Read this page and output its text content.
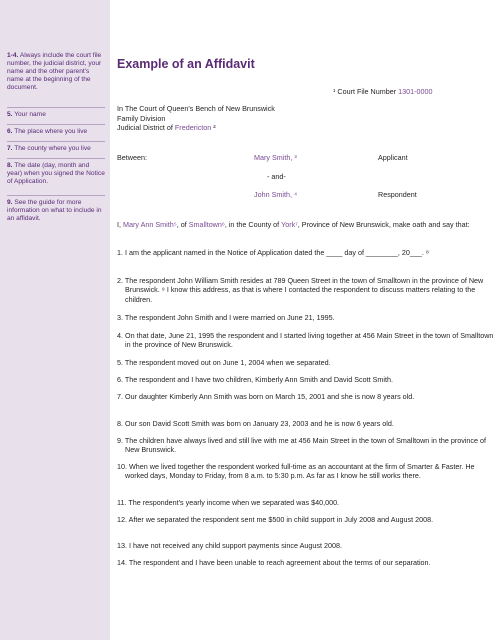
1-4. Always include the court file number, the judicial district, your name and the other parent's name at the beginning of the document.
5. Your name
6. The place where you live
7. The county where you live
8. The date (day, month and year) when you signed the Notice of Application.
9. See the guide for more information on what to include in an affidavit.
Example of an Affidavit
¹ Court File Number 1301-0000
In The Court of Queen's Bench of New Brunswick
Family Division
Judicial District of Fredericton ²
Between:	Mary Smith, ³	Applicant
- and-
John Smith, ⁴	Respondent
I, Mary Ann Smith⁵, of Smalltown⁶, in the County of York⁷, Province of New Brunswick, make oath and say that:
1. I am the applicant named in the Notice of Application dated the ____ day of ________, 20___. ⁸
2. The respondent John William Smith resides at 789 Queen Street in the town of Smalltown in the province of New Brunswick. ⁹ I know this address, as that is where I contacted the respondent to discuss matters relating to the children.
3. The respondent John Smith and I were married on June 21, 1995.
4. On that date, June 21, 1995 the respondent and I started living together at 456 Main Street in the town of Smalltown in the province of New Brunswick.
5. The respondent moved out on June 1, 2004 when we separated.
6. The respondent and I have two children, Kimberly Ann Smith and David Scott Smith.
7. Our daughter Kimberly Ann Smith was born on March 15, 2001 and she is now 8 years old.
8. Our son David Scott Smith was born on January 23, 2003 and he is now 6 years old.
9. The children have always lived and still live with me at 456 Main Street in the town of Smalltown in the province of New Brunswick.
10. When we lived together the respondent worked full-time as an accountant at the firm of Smarter & Faster. He worked days, Monday to Friday, from 8 a.m. to 5:30 p.m. As far as I know he still works there.
11. The respondent's yearly income when we separated was $40,000.
12. After we separated the respondent sent me $500 in child support in July 2008 and August 2008.
13. I have not received any child support payments since August 2008.
14. The respondent and I have been unable to reach agreement about the terms of our separation.
